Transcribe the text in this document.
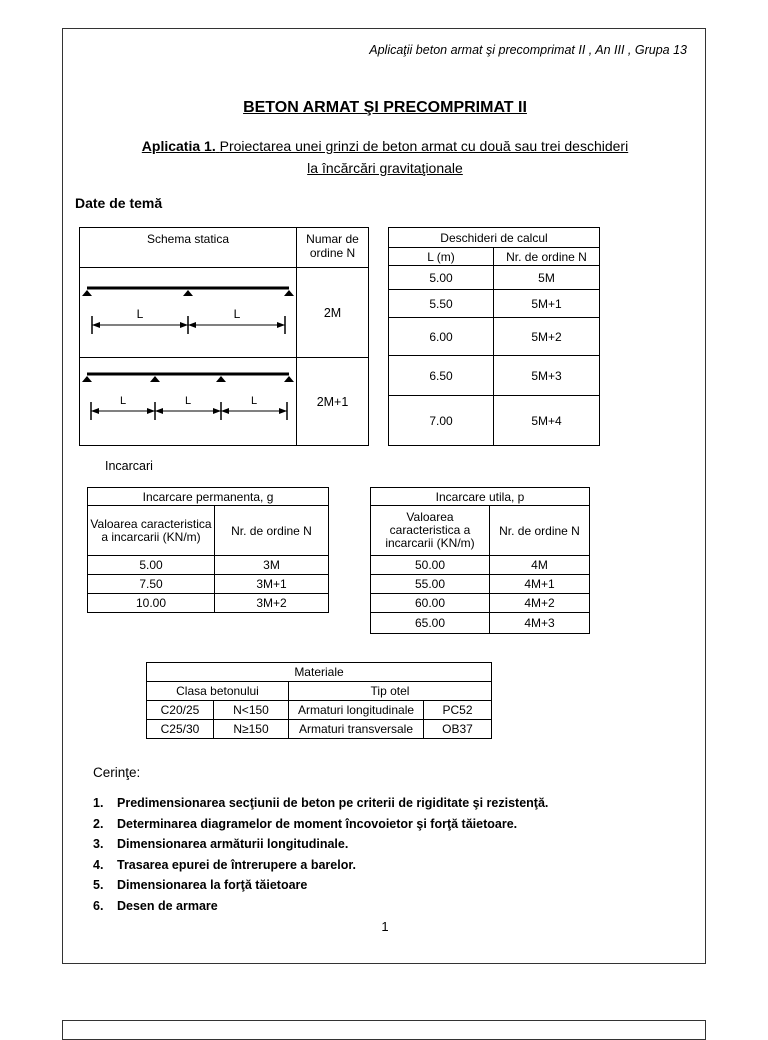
Aplicaţii beton armat şi precomprimat II , An III , Grupa 13
BETON ARMAT ŞI PRECOMPRIMAT II
Aplicatia 1. Proiectarea unei grinzi de beton armat cu două sau trei deschideri
la încărcări gravitaţionale
Date de temă
Schema statica	Numar de ordine N

L L	2M

L L L	2M+1
Deschideri de calcul	
L (m)	Nr. de ordine N
5.00	5M
5.50	5M+1
6.00	5M+2
6.50	5M+3
7.00	5M+4
Incarcari
Incarcare permanenta, g	
Valoarea caracteristica a incarcarii (KN/m)	Nr. de ordine N
5.00	3M
7.50	3M+1
10.00	3M+2
Incarcare utila, p	
Valoarea caracteristica a incarcarii (KN/m)	Nr. de ordine N
50.00	4M
55.00	4M+1
60.00	4M+2
65.00	4M+3
Materiale			
Clasa betonului		Tip otel	
C20/25	N<150	Armaturi longitudinale	PC52
C25/30	N≥150	Armaturi transversale	OB37
Cerinţe:
1.	Predimensionarea secţiunii de beton pe criterii de rigiditate şi rezistenţă.
2.	Determinarea diagramelor de moment încovoietor şi forţă tăietoare.
3.	Dimensionarea armăturii longitudinale.
4.	Trasarea epurei de întrerupere a barelor.
5.	Dimensionarea la forţă tăietoare
6.	Desen de armare
1
